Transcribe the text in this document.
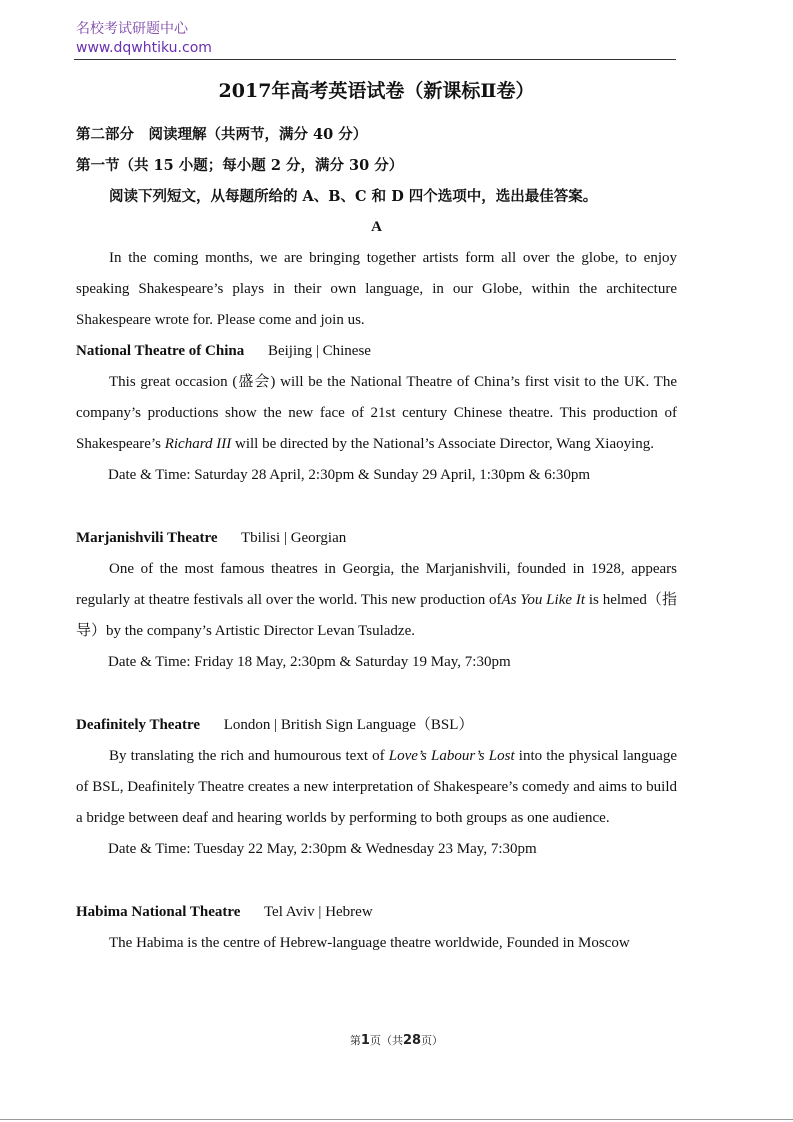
名校考试研题中心
www.dqwhtiku.com
2017年高考英语试卷（新课标Ⅱ卷）
第二部分　阅读理解（共两节，满分 40 分）
第一节（共 15 小题；每小题 2 分，满分 30 分）
阅读下列短文，从每题所给的 A、B、C 和 D 四个选项中，选出最佳答案。
A

In the coming months, we are bringing together artists form all over the globe, to enjoy speaking Shakespeare’s plays in their own language, in our Globe, within the architecture Shakespeare wrote for. Please come and join us.

National Theatre of China Beijing | Chinese

This great occasion (盛会) will be the National Theatre of China’s first visit to the UK. The company’s productions show the new face of 21st century Chinese theatre. This production of Shakespeare’s Richard III will be directed by the National’s Associate Director, Wang Xiaoying.

Date & Time: Saturday 28 April, 2:30pm & Sunday 29 April, 1:30pm & 6:30pm
Marjanishvili Theatre Tbilisi | Georgian

One of the most famous theatres in Georgia, the Marjanishvili, founded in 1928, appears regularly at theatre festivals all over the world. This new production ofAs You Like It is helmed（指导）by the company’s Artistic Director Levan Tsuladze.

Date & Time: Friday 18 May, 2:30pm & Saturday 19 May, 7:30pm
Deafinitely Theatre London | British Sign Language（BSL）

By translating the rich and humourous text of Love’s Labour’s Lost into the physical language of BSL, Deafinitely Theatre creates a new interpretation of Shakespeare’s comedy and aims to build a bridge between deaf and hearing worlds by performing to both groups as one audience.

Date & Time: Tuesday 22 May, 2:30pm & Wednesday 23 May, 7:30pm
Habima National Theatre Tel Aviv | Hebrew

The Habima is the centre of Hebrew-language theatre worldwide, Founded in Moscow

第1页（共28页）
